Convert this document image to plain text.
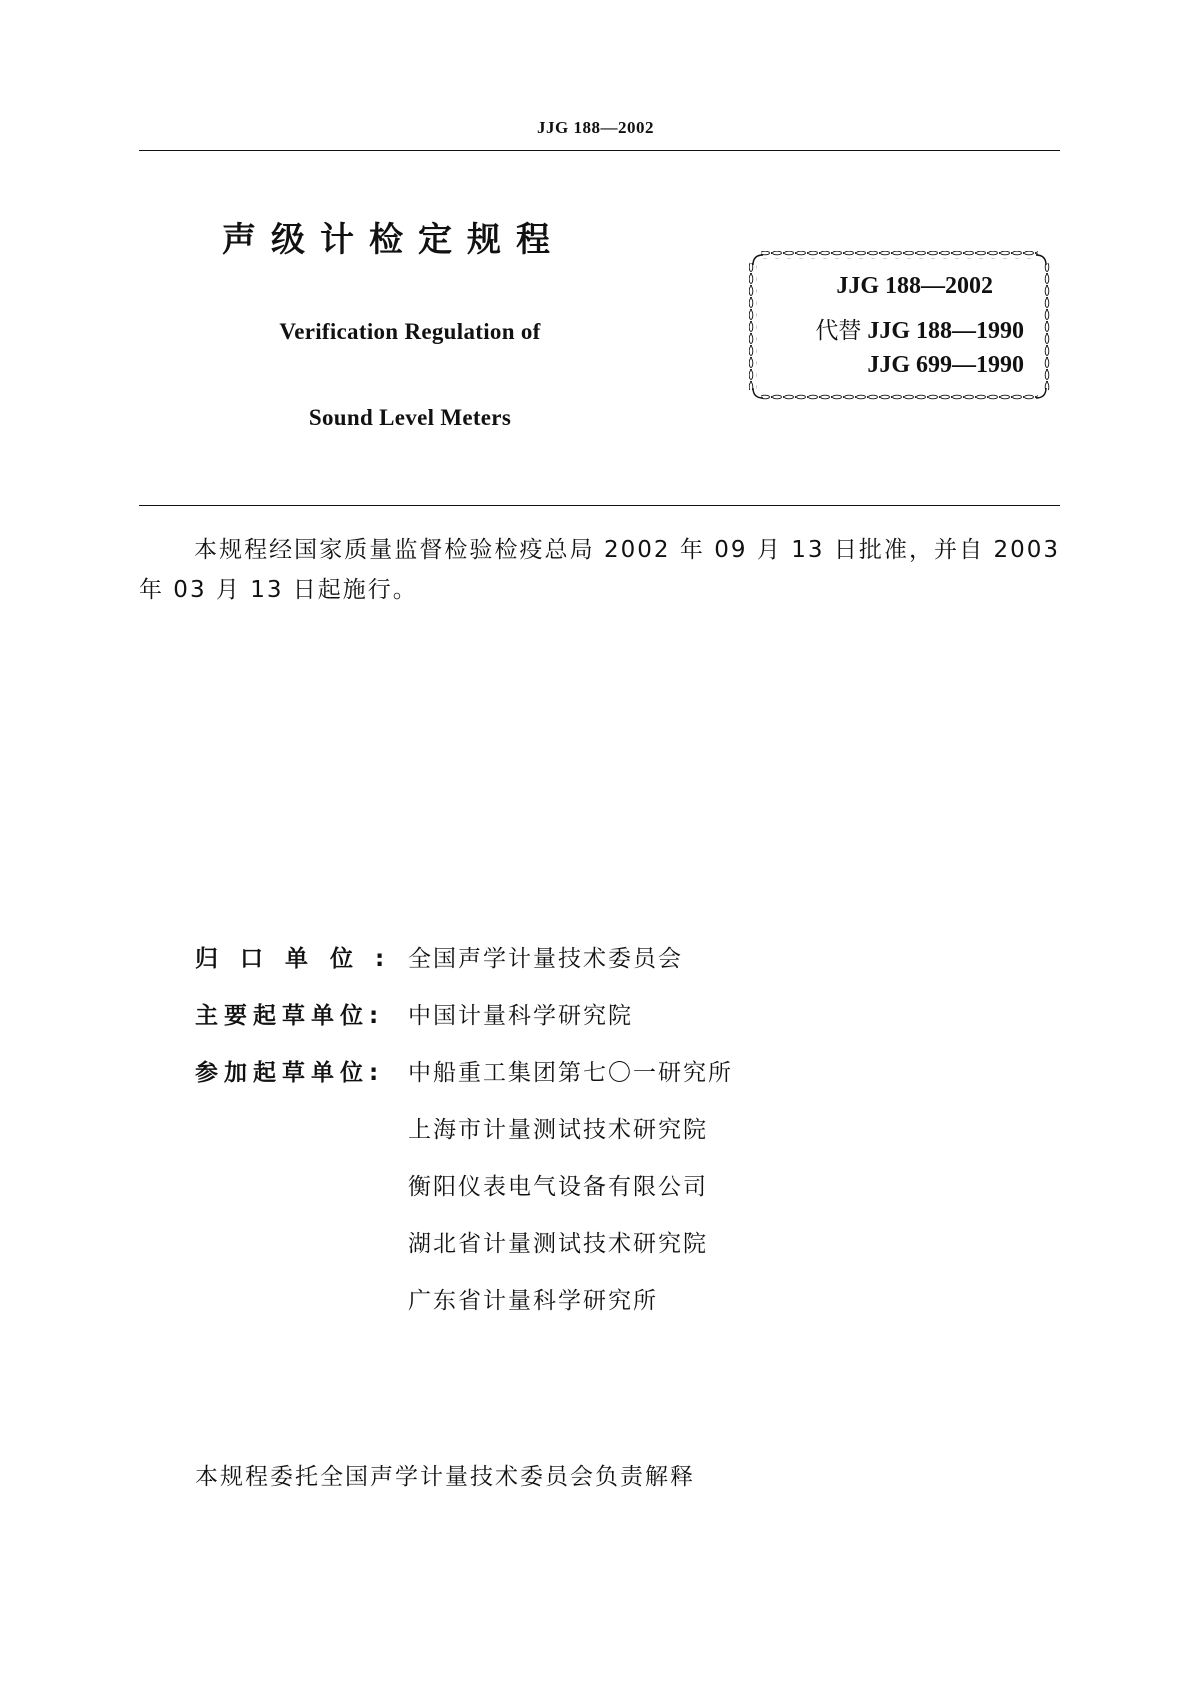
JJG 188—2002
声级计检定规程
Verification Regulation of
Sound Level Meters
JJG 188—2002
代替 JJG 188—1990
JJG 699—1990
本规程经国家质量监督检验检疫总局 2002 年 09 月 13 日批准，并自 2003 年 03 月 13 日起施行。
归口单位: 全国声学计量技术委员会
主要起草单位:	中国计量科学研究院
参加起草单位:	中船重工集团第七〇一研究所
上海市计量测试技术研究院
衡阳仪表电气设备有限公司
湖北省计量测试技术研究院
广东省计量科学研究所
本规程委托全国声学计量技术委员会负责解释
